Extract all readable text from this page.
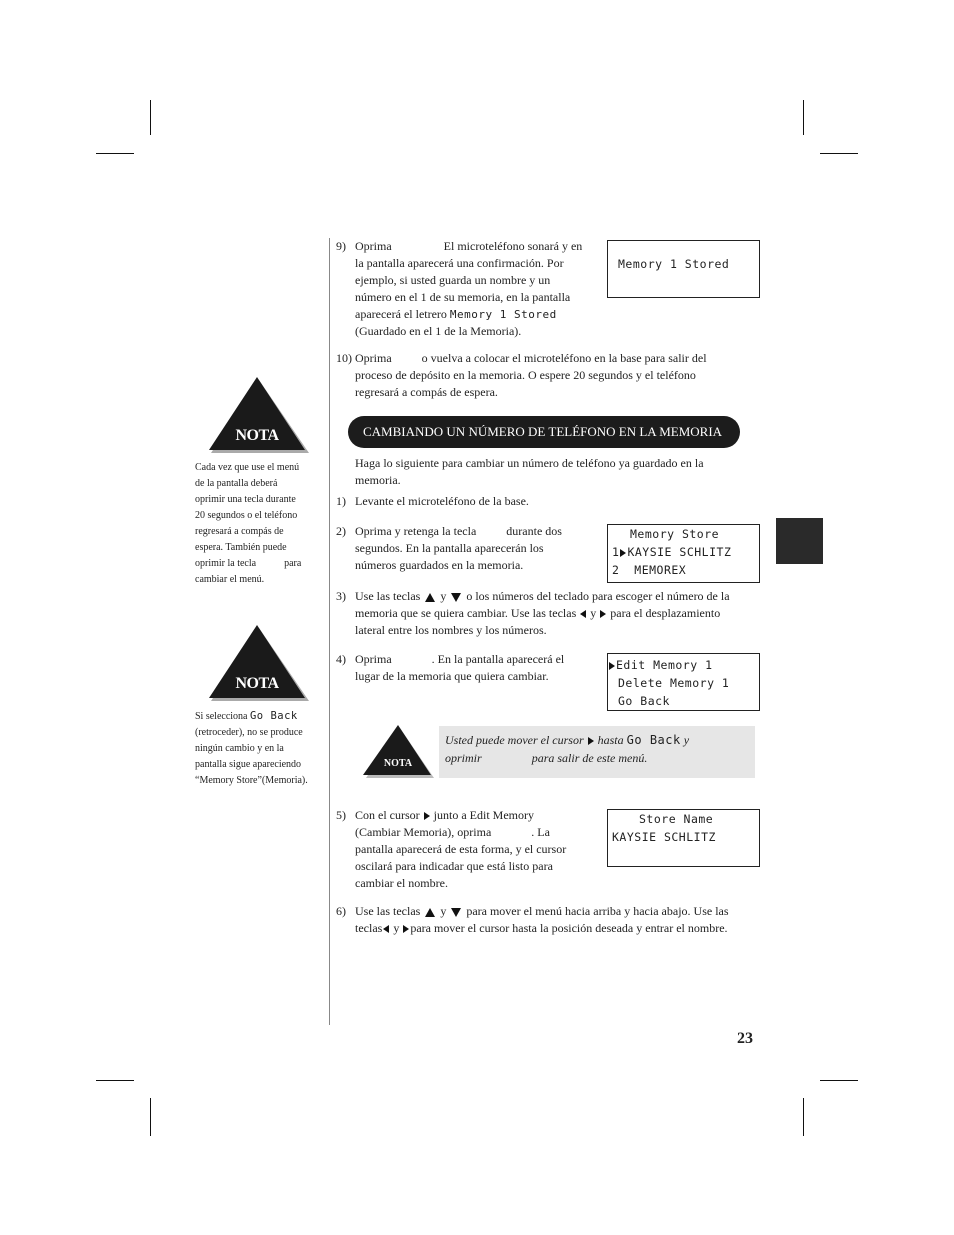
9) Oprima	El microteléfono sonará y en
la pantalla aparecerá una confirmación. Por
ejemplo, si usted guarda un nombre y un
número en el 1 de su memoria, en la pantalla
aparecerá el letrero Memory 1 Stored
(Guardado en el 1 de la Memoria).
Memory 1 Stored
10) Oprima	o vuelva a colocar el microteléfono en la base para salir del
proceso de depósito en la memoria. O espere 20 segundos y el teléfono
regresará a compás de espera.
CAMBIANDO UN NÚMERO DE TELÉFONO EN LA MEMORIA
Haga lo siguiente para cambiar un número de teléfono ya guardado en la
memoria.
1) Levante el microteléfono de la base.
2) Oprima y retenga la tecla	durante dos
segundos. En la pantalla aparecerán los
números guardados en la memoria.
Memory Store
1 KAYSIE SCHLITZ
2  MEMOREX
3) Use las teclas y o los números del teclado para escoger el número de la
memoria que se quiera cambiar. Use las teclas y para el desplazamiento
lateral entre los nombres y los números.
4) Oprima	. En la pantalla aparecerá el
lugar de la memoria que quiera cambiar.
Edit Memory 1
Delete Memory 1
Go Back
NOTA
Usted puede mover el cursor hasta Go Back y
oprimir	para salir de este menú.
5) Con el cursor junto a Edit Memory
(Cambiar Memoria), oprima	. La
pantalla aparecerá de esta forma, y el cursor
oscilará para indicadar que está listo para
cambiar el nombre.
Store Name
KAYSIE SCHLITZ
6) Use las teclas y para mover el menú hacia arriba y hacia abajo. Use las
teclas y para mover el cursor hasta la posición deseada y entrar el nombre.
NOTA
Cada vez que use el menú
de la pantalla deberá
oprimir una tecla durante
20 segundos o el teléfono
regresará a compás de
espera. También puede
oprimir la tecla	para
cambiar el menú.
NOTA
Si selecciona Go Back
(retroceder), no se produce
ningún cambio y en la
pantalla sigue apareciendo
“Memory Store”(Memoria).
23
